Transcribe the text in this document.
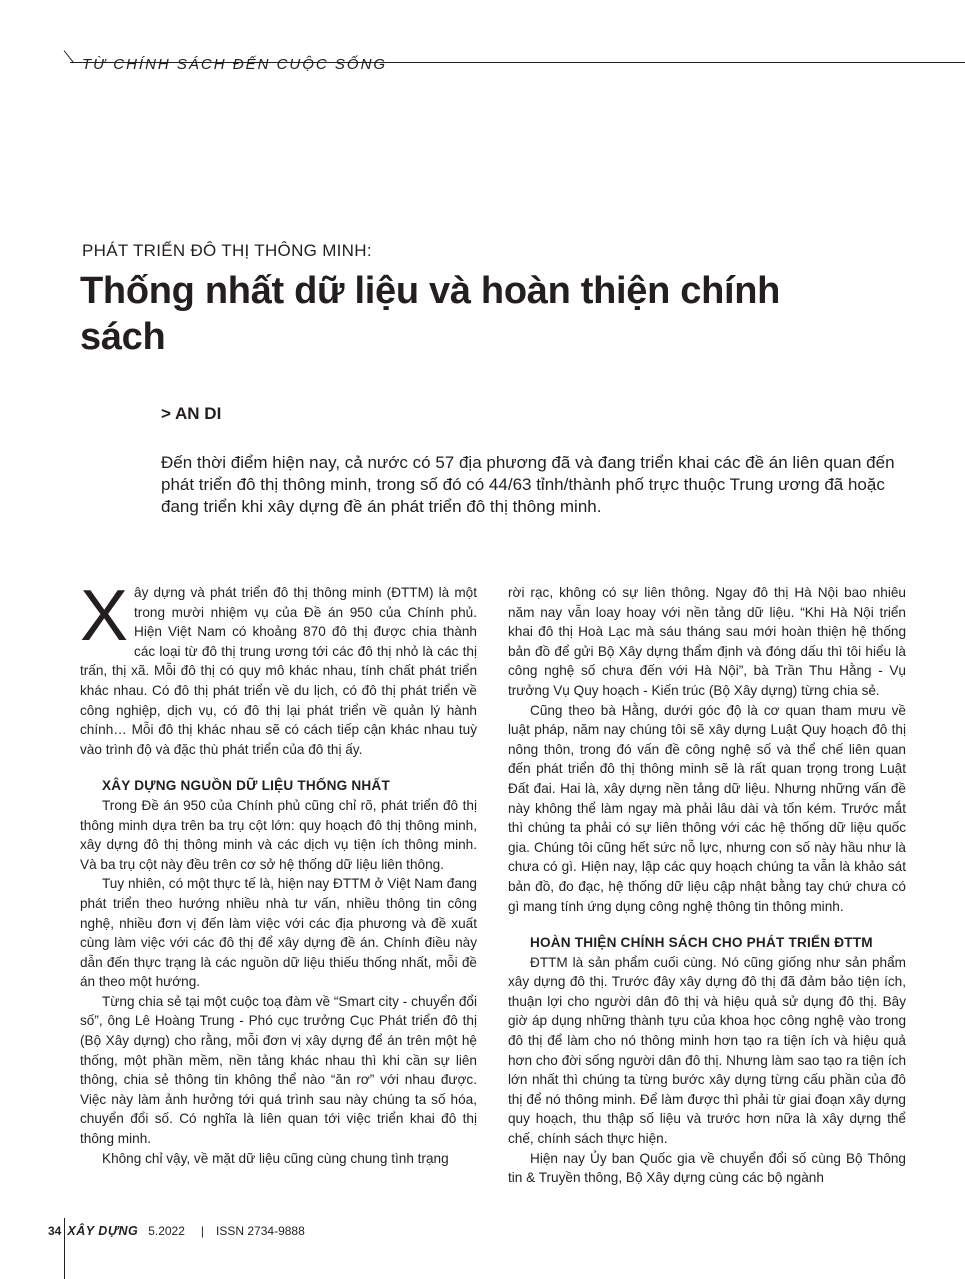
TỪ CHÍNH SÁCH ĐẾN CUỘC SỐNG
PHÁT TRIỂN ĐÔ THỊ THÔNG MINH:
Thống nhất dữ liệu và hoàn thiện chính sách
> AN DI

Đến thời điểm hiện nay, cả nước có 57 địa phương đã và đang triển khai các đề án liên quan đến phát triển đô thị thông minh, trong số đó có 44/63 tỉnh/thành phố trực thuộc Trung ương đã hoặc đang triển khi xây dựng đề án phát triển đô thị thông minh.

Xây dựng và phát triển đô thị thông minh (ĐTTM) là một trong mười nhiệm vụ của Đề án 950 của Chính phủ. Hiện Việt Nam có khoảng 870 đô thị được chia thành các loại từ đô thị trung ương tới các đô thị nhỏ là các thị trấn, thị xã. Mỗi đô thị có quy mô khác nhau, tính chất phát triển khác nhau. Có đô thị phát triển về du lịch, có đô thị phát triển về công nghiệp, dịch vụ, có đô thị lại phát triển về quản lý hành chính… Mỗi đô thị khác nhau sẽ có cách tiếp cận khác nhau tuỳ vào trình độ và đặc thù phát triển của đô thị ấy.

XÂY DỰNG NGUỒN DỮ LIỆU THỐNG NHẤT

Trong Đề án 950 của Chính phủ cũng chỉ rõ, phát triển đô thị thông minh dựa trên ba trụ cột lớn: quy hoạch đô thị thông minh, xây dựng đô thị thông minh và các dịch vụ tiện ích thông minh. Và ba trụ cột này đều trên cơ sở hệ thống dữ liệu liên thông.

Tuy nhiên, có một thực tế là, hiện nay ĐTTM ở Việt Nam đang phát triển theo hướng nhiều nhà tư vấn, nhiều thông tin công nghệ, nhiều đơn vị đến làm việc với các địa phương và đề xuất cùng làm việc với các đô thị để xây dựng đề án. Chính điều này dẫn đến thực trạng là các nguồn dữ liệu thiếu thống nhất, mỗi đề án theo một hướng.

Từng chia sẻ tại một cuộc toạ đàm về “Smart city - chuyển đổi số”, ông Lê Hoàng Trung - Phó cục trưởng Cục Phát triển đô thị (Bộ Xây dựng) cho rằng, mỗi đơn vị xây dựng để án trên một hệ thống, một phần mềm, nền tảng khác nhau thì khi cần sự liên thông, chia sẻ thông tin không thể nào “ăn rơ” với nhau được. Việc này làm ảnh hưởng tới quá trình sau này chúng ta số hóa, chuyển đổi số. Có nghĩa là liên quan tới việc triển khai đô thị thông minh.

Không chỉ vậy, về mặt dữ liệu cũng cùng chung tình trạng

rời rạc, không có sự liên thông. Ngay đô thị Hà Nội bao nhiêu năm nay vẫn loay hoay với nền tảng dữ liệu. “Khi Hà Nội triển khai đô thị Hoà Lạc mà sáu tháng sau mới hoàn thiện hệ thống bản đồ để gửi Bộ Xây dựng thẩm định và đóng dấu thì tôi hiểu là công nghệ số chưa đến với Hà Nội”, bà Trần Thu Hằng - Vụ trưởng Vụ Quy hoạch - Kiến trúc (Bộ Xây dựng) từng chia sẻ.

Cũng theo bà Hằng, dưới góc độ là cơ quan tham mưu về luật pháp, năm nay chúng tôi sẽ xây dựng Luật Quy hoạch đô thị nông thôn, trong đó vấn đề công nghệ số và thể chế liên quan đến phát triển đô thị thông minh sẽ là rất quan trọng trong Luật Đất đai. Hai là, xây dựng nền tảng dữ liệu. Nhưng những vấn đề này không thể làm ngay mà phải lâu dài và tốn kém. Trước mắt thì chúng ta phải có sự liên thông với các hệ thống dữ liệu quốc gia. Chúng tôi cũng hết sức nỗ lực, nhưng con số này hầu như là chưa có gì. Hiện nay, lập các quy hoạch chúng ta vẫn là khảo sát bản đồ, đo đạc, hệ thống dữ liệu cập nhật bằng tay chứ chưa có gì mang tính ứng dụng công nghệ thông tin thông minh.

HOÀN THIỆN CHÍNH SÁCH CHO PHÁT TRIỂN ĐTTM

ĐTTM là sản phẩm cuối cùng. Nó cũng giống như sản phẩm xây dựng đô thị. Trước đây xây dựng đô thị đã đảm bảo tiện ích, thuận lợi cho người dân đô thị và hiệu quả sử dụng đô thị. Bây giờ áp dụng những thành tựu của khoa học công nghệ vào trong đô thị để làm cho nó thông minh hơn tạo ra tiện ích và hiệu quả hơn cho đời sống người dân đô thị. Nhưng làm sao tạo ra tiện ích lớn nhất thì chúng ta từng bước xây dựng từng cấu phần của đô thị để nó thông minh. Để làm được thì phải từ giai đoạn xây dựng quy hoạch, thu thập số liệu và trước hơn nữa là xây dựng thể chế, chính sách thực hiện.

Hiện nay Ủy ban Quốc gia về chuyển đổi số cùng Bộ Thông tin & Truyền thông, Bộ Xây dựng cùng các bộ ngành

34 XÂY DỰNG 5.2022 | ISSN 2734-9888
